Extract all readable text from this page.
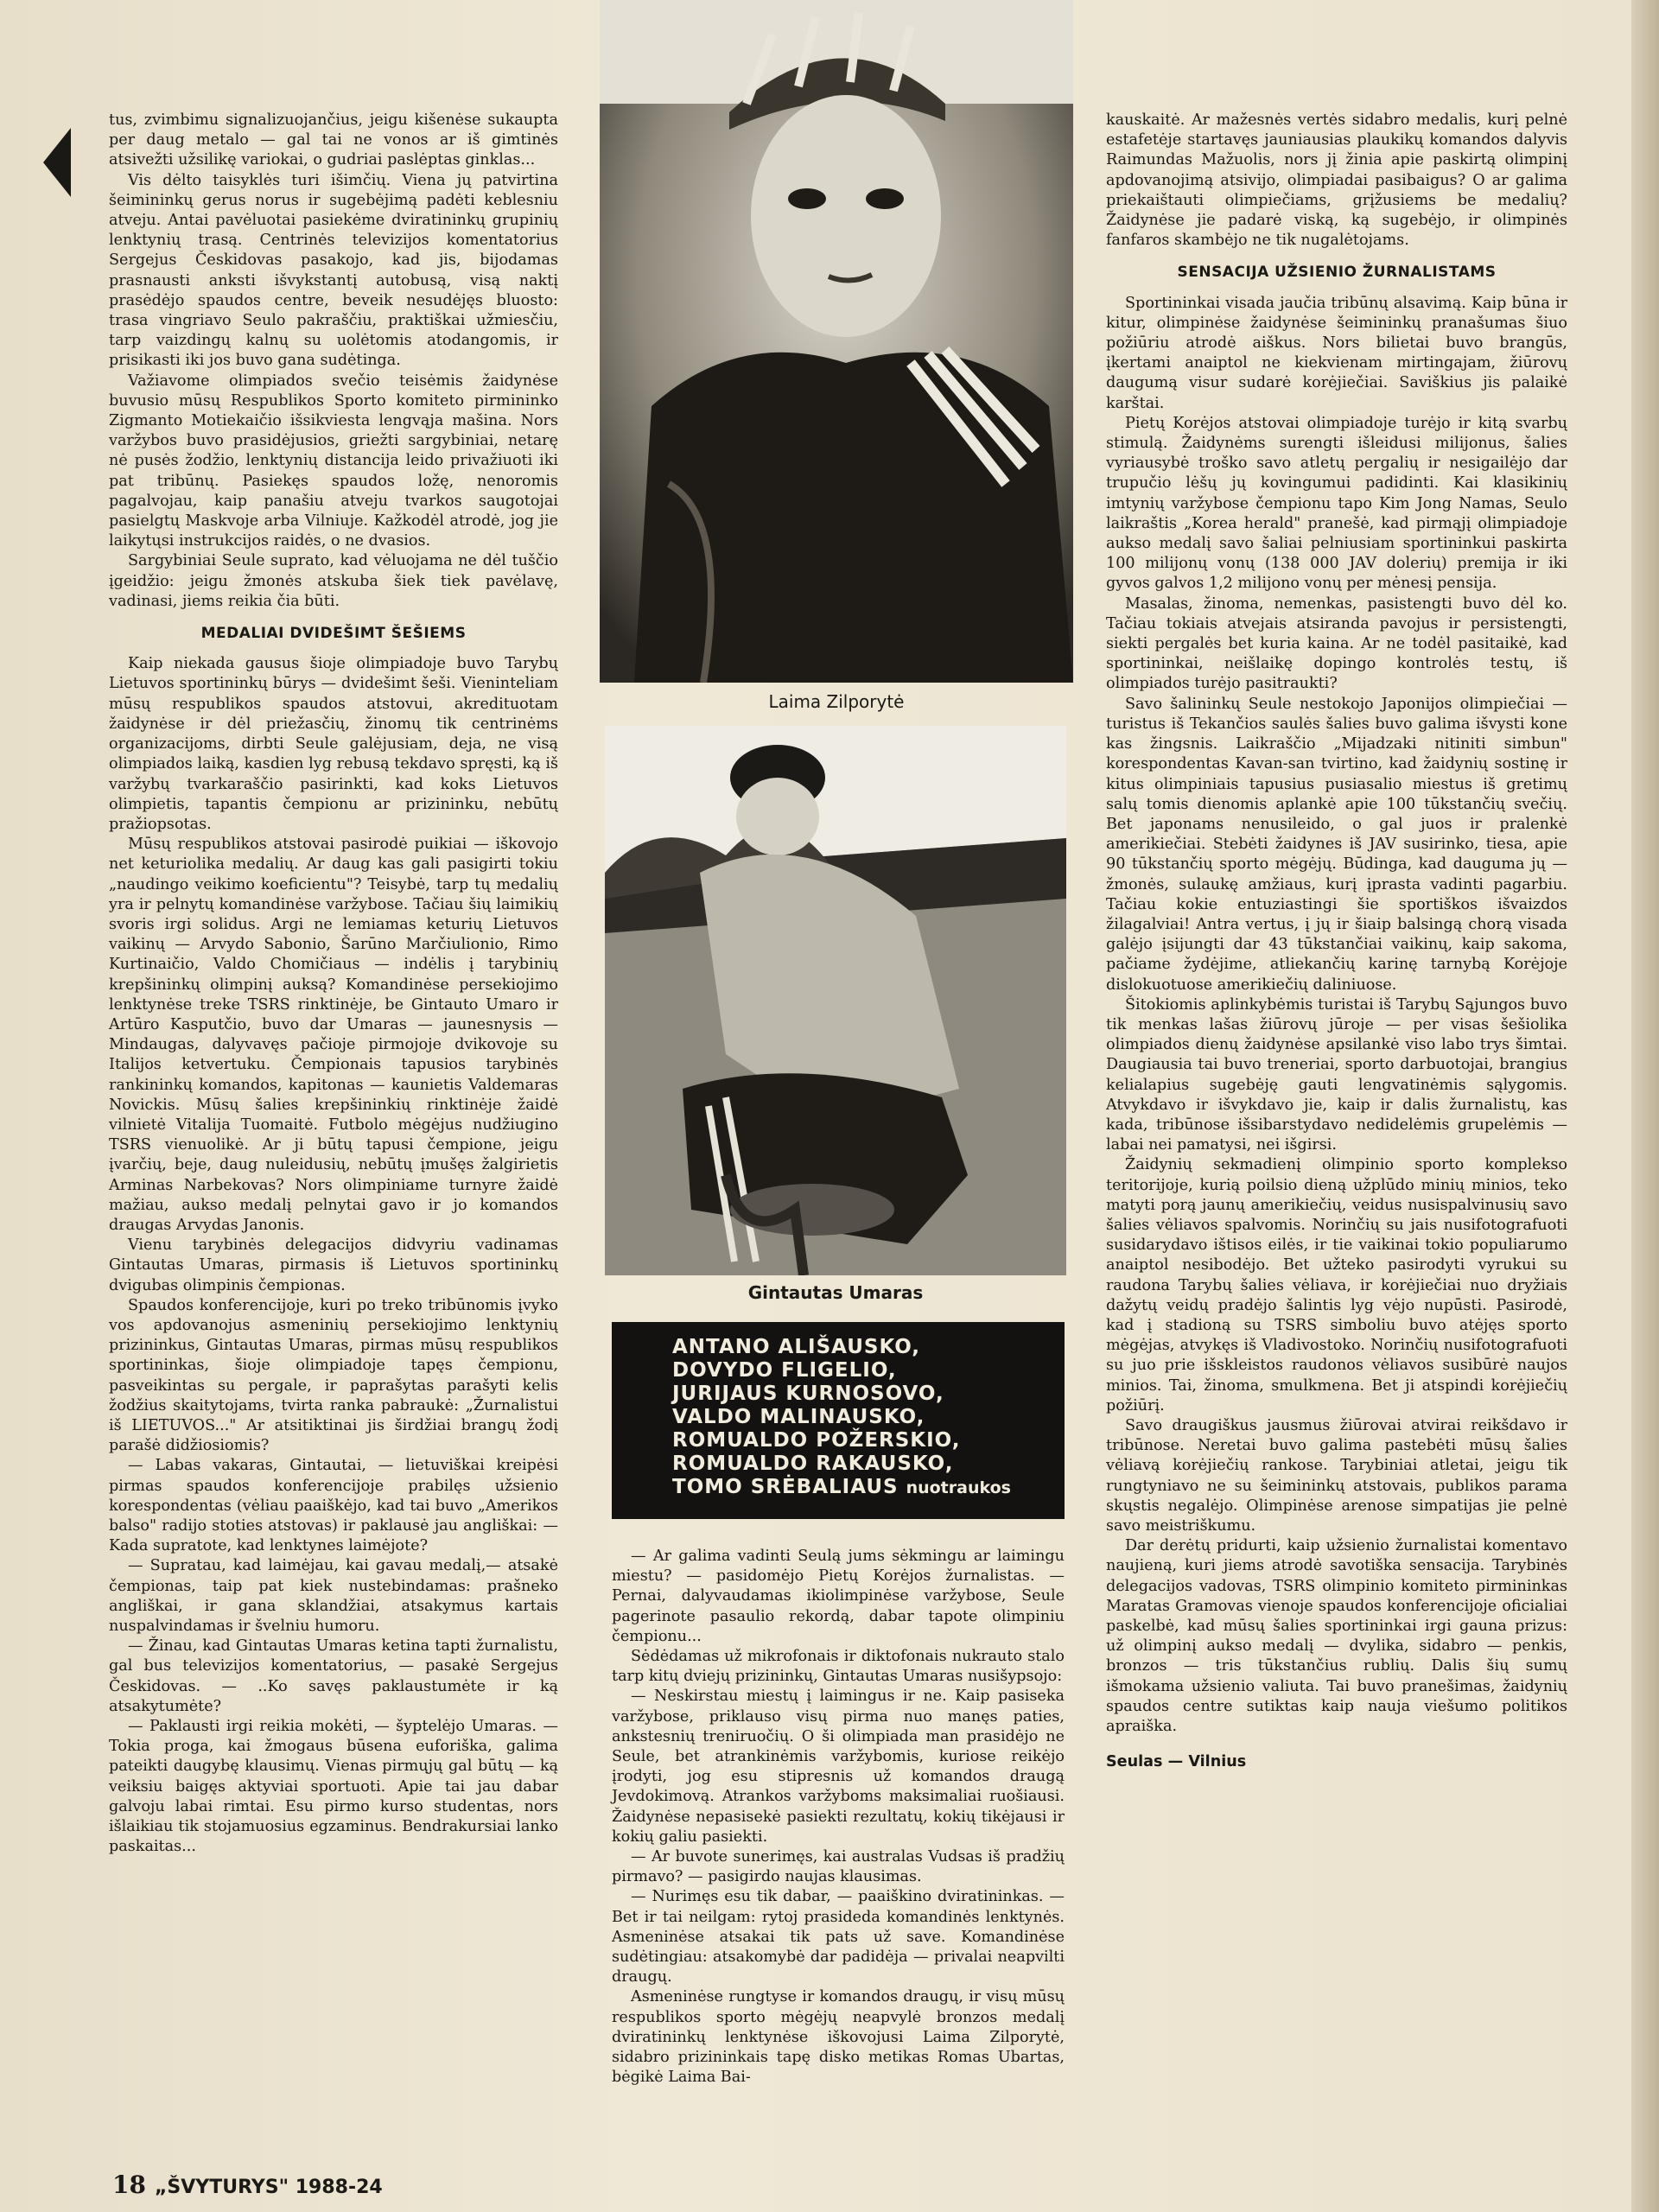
tus, zvimbimu signalizuojančius, jeigu kišenėse sukaupta per daug metalo — gal tai ne vonos ar iš gimtinės atsivežti užsilikę variokai, o gudriai paslėptas ginklas...

Vis dėlto taisyklės turi išimčių. Viena jų patvirtina šeimininkų gerus norus ir sugebėjimą padėti keblesniu atveju. Antai pavėluotai pasiekėme dviratininkų grupinių lenktynių trasą. Centrinės televizijos komentatorius Sergejus Českidovas pasakojo, kad jis, bijodamas prasnausti anksti išvykstantį autobusą, visą naktį prasėdėjo spaudos centre, beveik nesudėjęs bluosto: trasa vingriavo Seulo pakraščiu, praktiškai užmiesčiu, tarp vaizdingų kalnų su uolėtomis atodangomis, ir prisikasti iki jos buvo gana sudėtinga.

Važiavome olimpiados svečio teisėmis žaidynėse buvusio mūsų Respublikos Sporto komiteto pirmininko Zigmanto Motiekaičio išsikviesta lengvąja mašina. Nors varžybos buvo prasidėjusios, griežti sargybiniai, netarę nė pusės žodžio, lenktynių distancija leido privažiuoti iki pat tribūnų. Pasiekęs spaudos ložę, nenoromis pagalvojau, kaip panašiu atveju tvarkos saugotojai pasielgtų Maskvoje arba Vilniuje. Kažkodėl atrodė, jog jie laikytųsi instrukcijos raidės, o ne dvasios.

Sargybiniai Seule suprato, kad vėluojama ne dėl tuščio įgeidžio: jeigu žmonės atskuba šiek tiek pavėlavę, vadinasi, jiems reikia čia būti.

MEDALIAI DVIDEŠIMT ŠEŠIEMS

Kaip niekada gausus šioje olimpiadoje buvo Tarybų Lietuvos sportininkų būrys — dvidešimt šeši. Vieninteliam mūsų respublikos spaudos atstovui, akredituotam žaidynėse ir dėl priežasčių, žinomų tik centrinėms organizacijoms, dirbti Seule galėjusiam, deja, ne visą olimpiados laiką, kasdien lyg rebusą tekdavo spręsti, ką iš varžybų tvarkaraščio pasirinkti, kad koks Lietuvos olimpietis, tapantis čempionu ar prizininku, nebūtų pražiopsotas.

Mūsų respublikos atstovai pasirodė puikiai — iškovojo net keturiolika medalių. Ar daug kas gali pasigirti tokiu „naudingo veikimo koeficientu"? Teisybė, tarp tų medalių yra ir pelnytų komandinėse varžybose. Tačiau šių laimikių svoris irgi solidus. Argi ne lemiamas keturių Lietuvos vaikinų — Arvydo Sabonio, Šarūno Marčiulionio, Rimo Kurtinaičio, Valdo Chomičiaus — indėlis į tarybinių krepšininkų olimpinį auksą? Komandinėse persekiojimo lenktynėse treke TSRS rinktinėje, be Gintauto Umaro ir Artūro Kasputčio, buvo dar Umaras — jaunesnysis — Mindaugas, dalyvavęs pačioje pirmojoje dvikovoje su Italijos ketvertuku. Čempionais tapusios tarybinės rankininkų komandos, kapitonas — kaunietis Valdemaras Novickis. Mūsų šalies krepšininkių rinktinėje žaidė vilnietė Vitalija Tuomaitė. Futbolo mėgėjus nudžiugino TSRS vienuolikė. Ar ji būtų tapusi čempione, jeigu įvarčių, beje, daug nuleidusių, nebūtų įmušęs žalgirietis Arminas Narbekovas? Nors olimpiniame turnyre žaidė mažiau, aukso medalį pelnytai gavo ir jo komandos draugas Arvydas Janonis.

Vienu tarybinės delegacijos didvyriu vadinamas Gintautas Umaras, pirmasis iš Lietuvos sportininkų dvigubas olimpinis čempionas.

Spaudos konferencijoje, kuri po treko tribūnomis įvyko vos apdovanojus asmeninių persekiojimo lenktynių prizininkus, Gintautas Umaras, pirmas mūsų respublikos sportininkas, šioje olimpiadoje tapęs čempionu, pasveikintas su pergale, ir paprašytas parašyti kelis žodžius skaitytojams, tvirta ranka pabraukė: „Žurnalistui iš LIETUVOS..." Ar atsitiktinai jis širdžiai brangų žodį parašė didžiosiomis?

— Labas vakaras, Gintautai, — lietuviškai kreipėsi pirmas spaudos konferencijoje prabilęs užsienio korespondentas (vėliau paaiškėjo, kad tai buvo „Amerikos balso" radijo stoties atstovas) ir paklausė jau angliškai: — Kada supratote, kad lenktynes laimėjote?

— Supratau, kad laimėjau, kai gavau medalį,— atsakė čempionas, taip pat kiek nustebindamas: prašneko angliškai, ir gana sklandžiai, atsakymus kartais nuspalvindamas ir švelniu humoru.

— Žinau, kad Gintautas Umaras ketina tapti žurnalistu, gal bus televizijos komentatorius, — pasakė Sergejus Českidovas. — ..Ko savęs paklaustumėte ir ką atsakytumėte?

— Paklausti irgi reikia mokėti, — šyptelėjo Umaras. — Tokia proga, kai žmogaus būsena euforiška, galima pateikti daugybę klausimų. Vienas pirmųjų gal būtų — ką veiksiu baigęs aktyviai sportuoti. Apie tai jau dabar galvoju labai rimtai. Esu pirmo kurso studentas, nors išlaikiau tik stojamuosius egzaminus. Bendrakursiai lanko paskaitas...

Laima Zilporytė
Gintautas Umaras
ANTANO ALIŠAUSKO,
DOVYDO FLIGELIO,
JURIJAUS KURNOSOVO,
VALDO MALINAUSKO,
ROMUALDO POŽERSKIO,
ROMUALDO RAKAUSKO,
TOMO SRĖBALIAUS nuotraukos

— Ar galima vadinti Seulą jums sėkmingu ar laimingu miestu? — pasidomėjo Pietų Korėjos žurnalistas. — Pernai, dalyvaudamas ikiolimpinėse varžybose, Seule pagerinote pasaulio rekordą, dabar tapote olimpiniu čempionu...

Sėdėdamas už mikrofonais ir diktofonais nukrauto stalo tarp kitų dviejų prizininkų, Gintautas Umaras nusišypsojo:

— Neskirstau miestų į laimingus ir ne. Kaip pasiseka varžybose, priklauso visų pirma nuo manęs paties, ankstesnių treniruočių. O ši olimpiada man prasidėjo ne Seule, bet atrankinėmis varžybomis, kuriose reikėjo įrodyti, jog esu stipresnis už komandos draugą Jevdokimovą. Atrankos varžyboms maksimaliai ruošiausi. Žaidynėse nepasisekė pasiekti rezultatų, kokių tikėjausi ir kokių galiu pasiekti.

— Ar buvote sunerimęs, kai australas Vudsas iš pradžių pirmavo? — pasigirdo naujas klausimas.

— Nurimęs esu tik dabar, — paaiškino dviratininkas. — Bet ir tai neilgam: rytoj prasideda komandinės lenktynės. Asmeninėse atsakai tik pats už save. Komandinėse sudėtingiau: atsakomybė dar padidėja — privalai neapvilti draugų.

Asmeninėse rungtyse ir komandos draugų, ir visų mūsų respublikos sporto mėgėjų neapvylė bronzos medalį dviratininkų lenktynėse iškovojusi Laima Zilporytė, sidabro prizininkais tapę disko metikas Romas Ubartas, bėgikė Laima Bai-

kauskaitė. Ar mažesnės vertės sidabro medalis, kurį pelnė estafetėje startavęs jauniausias plaukikų komandos dalyvis Raimundas Mažuolis, nors jį žinia apie paskirtą olimpinį apdovanojimą atsivijo, olimpiadai pasibaigus? O ar galima priekaištauti olimpiečiams, grįžusiems be medalių? Žaidynėse jie padarė viską, ką sugebėjo, ir olimpinės fanfaros skambėjo ne tik nugalėtojams.

SENSACIJA UŽSIENIO ŽURNALISTAMS

Sportininkai visada jaučia tribūnų alsavimą. Kaip būna ir kitur, olimpinėse žaidynėse šeimininkų pranašumas šiuo požiūriu atrodė aiškus. Nors bilietai buvo brangūs, įkertami anaiptol ne kiekvienam mirtingajam, žiūrovų daugumą visur sudarė korėjiečiai. Saviškius jis palaikė karštai.

Pietų Korėjos atstovai olimpiadoje turėjo ir kitą svarbų stimulą. Žaidynėms surengti išleidusi milijonus, šalies vyriausybė troško savo atletų pergalių ir nesigailėjo dar trupučio lėšų jų kovingumui padidinti. Kai klasikinių imtynių varžybose čempionu tapo Kim Jong Namas, Seulo laikraštis „Korea herald" pranešė, kad pirmąjį olimpiadoje aukso medalį savo šaliai pelniusiam sportininkui paskirta 100 milijonų vonų (138 000 JAV dolerių) premija ir iki gyvos galvos 1,2 milijono vonų per mėnesį pensija.

Masalas, žinoma, nemenkas, pasistengti buvo dėl ko. Tačiau tokiais atvejais atsiranda pavojus ir persistengti, siekti pergalės bet kuria kaina. Ar ne todėl pasitaikė, kad sportininkai, neišlaikę dopingo kontrolės testų, iš olimpiados turėjo pasitraukti?

Savo šalininkų Seule nestokojo Japonijos olimpiečiai — turistus iš Tekančios saulės šalies buvo galima išvysti kone kas žingsnis. Laikraščio „Mijadzaki nitiniti simbun" korespondentas Kavan-san tvirtino, kad žaidynių sostinę ir kitus olimpiniais tapusius pusiasalio miestus iš gretimų salų tomis dienomis aplankė apie 100 tūkstančių svečių. Bet japonams nenusileido, o gal juos ir pralenkė amerikiečiai. Stebėti žaidynes iš JAV susirinko, tiesa, apie 90 tūkstančių sporto mėgėjų. Būdinga, kad dauguma jų — žmonės, sulaukę amžiaus, kurį įprasta vadinti pagarbiu. Tačiau kokie entuziastingi šie sportiškos išvaizdos žilagalviai! Antra vertus, į jų ir šiaip balsingą chorą visada galėjo įsijungti dar 43 tūkstančiai vaikinų, kaip sakoma, pačiame žydėjime, atliekančių karinę tarnybą Korėjoje dislokuotuose amerikiečių daliniuose.

Šitokiomis aplinkybėmis turistai iš Tarybų Sąjungos buvo tik menkas lašas žiūrovų jūroje — per visas šešiolika olimpiados dienų žaidynėse apsilankė viso labo trys šimtai. Daugiausia tai buvo treneriai, sporto darbuotojai, brangius kelialapius sugebėję gauti lengvatinėmis sąlygomis. Atvykdavo ir išvykdavo jie, kaip ir dalis žurnalistų, kas kada, tribūnose išsibarstydavo nedidelėmis grupelėmis — labai nei pamatysi, nei išgirsi.

Žaidynių sekmadienį olimpinio sporto komplekso teritorijoje, kurią poilsio dieną užplūdo minių minios, teko matyti porą jaunų amerikiečių, veidus nusispalvinusių savo šalies vėliavos spalvomis. Norinčių su jais nusifotografuoti susidarydavo ištisos eilės, ir tie vaikinai tokio populiarumo anaiptol nesibodėjo. Bet užteko pasirodyti vyrukui su raudona Tarybų šalies vėliava, ir korėjiečiai nuo dryžiais dažytų veidų pradėjo šalintis lyg vėjo nupūsti. Pasirodė, kad į stadioną su TSRS simboliu buvo atėjęs sporto mėgėjas, atvykęs iš Vladivostoko. Norinčių nusifotografuoti su juo prie išskleistos raudonos vėliavos susibūrė naujos minios. Tai, žinoma, smulkmena. Bet ji atspindi korėjiečių požiūrį.

Savo draugiškus jausmus žiūrovai atvirai reikšdavo ir tribūnose. Neretai buvo galima pastebėti mūsų šalies vėliavą korėjiečių rankose. Tarybiniai atletai, jeigu tik rungtyniavo ne su šeimininkų atstovais, publikos parama skųstis negalėjo. Olimpinėse arenose simpatijas jie pelnė savo meistriškumu.

Dar derėtų pridurti, kaip užsienio žurnalistai komentavo naujieną, kuri jiems atrodė savotiška sensacija. Tarybinės delegacijos vadovas, TSRS olimpinio komiteto pirmininkas Maratas Gramovas vienoje spaudos konferencijoje oficialiai paskelbė, kad mūsų šalies sportininkai irgi gauna prizus: už olimpinį aukso medalį — dvylika, sidabro — penkis, bronzos — tris tūkstančius rublių. Dalis šių sumų išmokama užsienio valiuta. Tai buvo pranešimas, žaidynių spaudos centre sutiktas kaip nauja viešumo politikos apraiška.

Seulas — Vilnius

18 „ŠVYTURYS" 1988-24
